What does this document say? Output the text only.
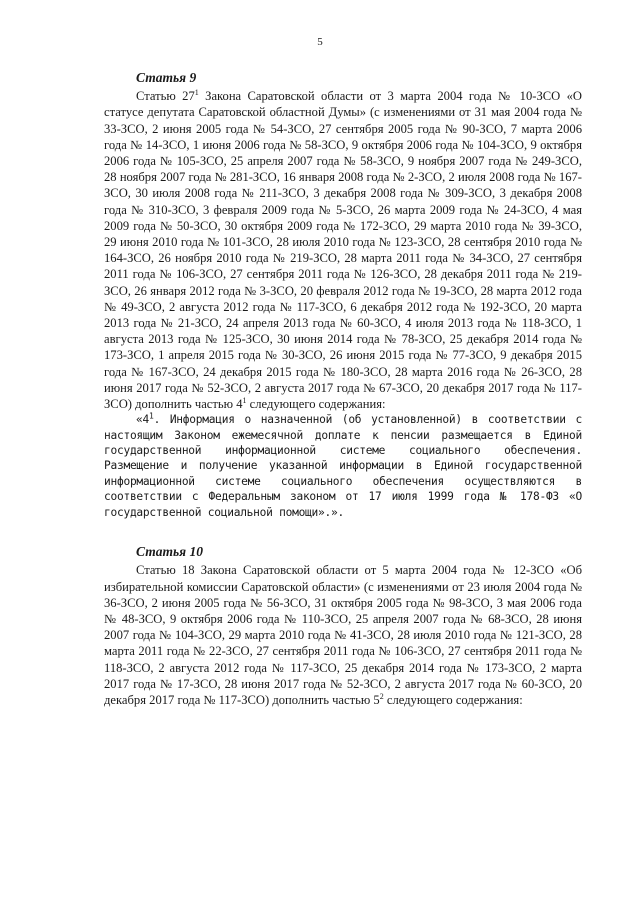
5

Статья 9

Статью $27^1$ Закона Саратовской области от 3 марта 2004 года № 10-ЗСО «О статусе депутата Саратовской областной Думы» (с изменениями от 31 мая 2004 года № 33-ЗСО, 2 июня 2005 года № 54-ЗСО, 27 сентября 2005 года № 90-ЗСО, 7 марта 2006 года № 14-ЗСО, 1 июня 2006 года № 58-ЗСО, 9 октября 2006 года № 104-ЗСО, 9 октября 2006 года № 105-ЗСО, 25 апреля 2007 года № 58-ЗСО, 9 ноября 2007 года № 249-ЗСО, 28 ноября 2007 года № 281-ЗСО, 16 января 2008 года № 2-ЗСО, 2 июля 2008 года № 167-ЗСО, 30 июля 2008 года № 211-ЗСО, 3 декабря 2008 года № 309-ЗСО, 3 декабря 2008 года № 310-ЗСО, 3 февраля 2009 года № 5-ЗСО, 26 марта 2009 года № 24-ЗСО, 4 мая 2009 года № 50-ЗСО, 30 октября 2009 года № 172-ЗСО, 29 марта 2010 года № 39-ЗСО, 29 июня 2010 года № 101-ЗСО, 28 июля 2010 года № 123-ЗСО, 28 сентября 2010 года № 164-ЗСО, 26 ноября 2010 года № 219-ЗСО, 28 марта 2011 года № 34-ЗСО, 27 сентября 2011 года № 106-ЗСО, 27 сентября 2011 года № 126-ЗСО, 28 декабря 2011 года № 219-ЗСО, 26 января 2012 года № 3-ЗСО, 20 февраля 2012 года № 19-ЗСО, 28 марта 2012 года № 49-ЗСО, 2 августа 2012 года № 117-ЗСО, 6 декабря 2012 года № 192-ЗСО, 20 марта 2013 года № 21-ЗСО, 24 апреля 2013 года № 60-ЗСО, 4 июля 2013 года № 118-ЗСО, 1 августа 2013 года № 125-ЗСО, 30 июня 2014 года № 78-ЗСО, 25 декабря 2014 года № 173-ЗСО, 1 апреля 2015 года № 30-ЗСО, 26 июня 2015 года № 77-ЗСО, 9 декабря 2015 года № 167-ЗСО, 24 декабря 2015 года № 180-ЗСО, 28 марта 2016 года № 26-ЗСО, 28 июня 2017 года № 52-ЗСО, 2 августа 2017 года № 67-ЗСО, 20 декабря 2017 года № 117-ЗСО) дополнить частью $4^1$ следующего содержания:

«$4^1$. Информация о назначенной (об установленной) в соответствии с настоящим Законом ежемесячной доплате к пенсии размещается в Единой государственной информационной системе социального обеспечения. Размещение и получение указанной информации в Единой государственной информационной системе социального обеспечения осуществляются в соответствии с Федеральным законом от 17 июля 1999 года № 178-ФЗ «О государственной социальной помощи».».

Статья 10

Статью 18 Закона Саратовской области от 5 марта 2004 года № 12-ЗСО «Об избирательной комиссии Саратовской области» (с изменениями от 23 июля 2004 года № 36-ЗСО, 2 июня 2005 года № 56-ЗСО, 31 октября 2005 года № 98-ЗСО, 3 мая 2006 года № 48-ЗСО, 9 октября 2006 года № 110-ЗСО, 25 апреля 2007 года № 68-ЗСО, 28 июня 2007 года № 104-ЗСО, 29 марта 2010 года № 41-ЗСО, 28 июля 2010 года № 121-ЗСО, 28 марта 2011 года № 22-ЗСО, 27 сентября 2011 года № 106-ЗСО, 27 сентября 2011 года № 118-ЗСО, 2 августа 2012 года № 117-ЗСО, 25 декабря 2014 года № 173-ЗСО, 2 марта 2017 года № 17-ЗСО, 28 июня 2017 года № 52-ЗСО, 2 августа 2017 года № 60-ЗСО, 20 декабря 2017 года № 117-ЗСО) дополнить частью $5^2$ следующего содержания:
